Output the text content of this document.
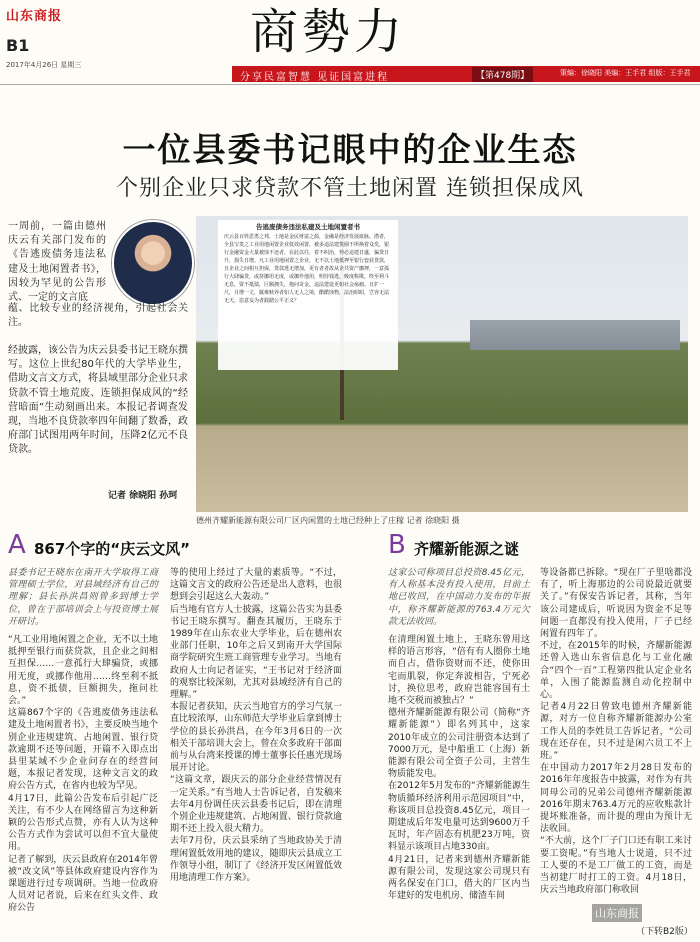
山东商报
B1
2017年4月26日 星期三
商勢力
分享民富智慧 见证国富进程	【第478期】	策编：徐晓阳 美编：王手君 组版：王手君
一位县委书记眼中的企业生态
个别企业只求贷款不管土地闲置 连锁担保成风
一周前，一篇由德州庆云有关部门发布的《告逃废债务违法私建及土地闲置者书》，因较为罕见的公告形式、一定的文言底
蕴、比较专业的经济视角，引起社会关注。
经披露，该公告为庆云县委书记王晓东撰写。这位上世纪80年代的大学毕业生，借助文言文方式，将县域里部分企业只求贷款不管土地荒废、连锁担保成风的“经营暗面”生动刻画出来。本报记者调查发现，当地不良贷款率四年间翻了数番，政府部门试图用两年时间，压降2亿元不良贷款。
记者 徐晓阳 孙珂
告逃废债务违法私建及土地闲置者书
庆云县百姓思勇之邦，土地是金民财富之源，金融是经济发展血脉。潜者，全县宝贵之工业用地闲置企业低效闲置，被多违法建筑圈不所换着众矣，银行金融资金大量被蚀不还者，在此以往，着不纠治，势必违建日盛，骗贷日升，损失日增。凡工业用地闲置之企业，无不以土地抵押至银行套获贷款，且企业之间相互担保，贷款逃无增加，更有者者故从企共资产挪押，一意孤行大肆骗贷，或挤挪用无度，或挪作他用，明恃钱逃，吸度称欺，终至利斗无息，资不抵债，巨额拥失，拖问奇金，违法建设更如社会疡瘤。日扩一尺，月增一丈，腻难赎养者如人无人之境，酷酷蚀物，法治昭昭，岂容无法无天，恣意妄为者践踏公平正义？
德州齐耀新能源有限公司厂区内闲置的土地已经种上了庄稼 记者 徐晓阳 摄
A 867个字的“庆云文风”
县委书记王晓东在南开大学取得工商管理硕士学位，对县域经济有自己的理解；县长孙洪昌则曾多到博士学位，曾在于部培训会上与投资博士展开研讨。
“凡工业用地闲置之企业，无不以土地抵押至银行而获贷款，且企业之间相互担保……一意孤行大肆骗贷，或挪用无度，或挪作他用……终至利不抵息，资不抵债，巨额拥失，拖问社会。”
这篇867个字的《告逃废债务违法私建及土地闲置者书》，主要反映当地个别企业违规建筑、占地闲置、银行贷款逾期不还等问题，开篇不入即点出县里某域不少企业问存在的经营问题，本报记者发现，这种文言文的政府公告方式，在省内也较为罕见。
4月17日，此篇公告发布后引起广泛关注，有不少人在网络留言为这种新颖的公告形式点赞，亦有人认为这种公告方式作为尝试可以但不宜大量使用。
记者了解到，庆云县政府在2014年曾被“改文风”等县体政府建设内容作为课题进行过专项调研。当地一位政府人员对记者说，后来在红头文件、政府公告
等的使用上经过了大量的素质等。“不过，这篇文言文的政府公告还是出人意料，也很想到会引起这么大轰动。”
后当地有官方人士披露，这篇公告实为县委书记王晓东撰写。翻查其履历，王晓东于1989年在山东农业大学毕业，后在德州农业部门任职，10年之后又到南开大学国际商学院研究生班工商管理专业学习。当地有政府人士向记者证实，“王书记对于经济面的观察比较深刻，尤其对县域经济有自己的理解。”
本报记者获知，庆云当地官方的学习气氛一直比较浓厚，山东师范大学毕业后拿到博士学位的县长孙洪昌，在今年3月6日的一次相关干部培训大会上，曾在众多政府干部面前与从台湾来授课的博士董事长任惠光现场展开讨论。
“这篇文章，跟庆云的部分企业经营情况有一定关系。”有当地人士告诉记者，自发稿来去年4月份调任庆云县委书记后，即在清理个别企业违规建筑、占地闲置、银行贷款逾期不还上投入很大精力。
去年7月份，庆云县采纳了当地政协关于清理闲置低效用地的建议，随即庆云县成立工作领导小组，制订了《经济开发区闲置低效用地清理工作方案》。
B 齐耀新能源之谜
这家公司称项目总投资8.45亿元，有人称基本没有投入使用，目前土地已收回，在中国动力发布的年报中，称齐耀新能源的763.4万元欠款无法收回。
在清理闲置土地上，王晓东曾用这样的语言形容，“倍有有人圈你土地而自占，借你资财而不还，使你田宅而肌裂，你定奔波相告，宁死必讨，换位思考，政府岂能容国有土地不交税而被独占？”
德州齐耀新能源有限公司（简称“齐耀新能源”）即名列其中，这家2010年成立的公司注册资本达到了7000万元，是中船重工（上海）新能源有限公司全资子公司，主营生物质能发电。
在2012年5月发布的“齐耀新能源生物质循环经济利用示范园项目”中，称该项目总投资8.45亿元，项目一期建成后年发电量可达到9600万千瓦时，年产固态有机肥23万吨，资料显示该项目占地330亩。
4月21日，记者来到德州齐耀新能源有限公司，发现这家公司现只有两名保安在门口，借大的厂区内当年建好的发电机房、储渣车间
等设备都已拆除。“现在厂子里啥都没有了，听上海那边的公司说最近就要关了。”有保安告诉记者，其称，当年该公司建成后，听说因为资金不足等问题一直都没有投入使用，厂子已经闲置有四年了。
不过，在2015年的时候，齐耀新能源还曾入选山东省信息化与工业化融合“四个一百”工程第四批认定企业名单，入围了能源监测自动化控制中心。
记者4月22日曾致电德州齐耀新能源，对方一位自称齐耀新能源办公室工作人员的李姓员工告诉记者，“公司现在还存在，只不过是闲六员工不上班。”
在中国动力2017年2月28日发布的2016年年度报告中披露，对作为有共同母公司的兄弟公司德州齐耀新能源2016年期末763.4万元的应收账款计提坏账准备，而计提的理由为预计无法收回。
“不大前，这个厂子门口还有职工来讨要工资呢。”有当地人士说道，只不过工人要的不是工厂做工的工资，而是当初建厂时打工的工资。4月18日，庆云当地政府部门称收回
山东商报
（下转B2版）
